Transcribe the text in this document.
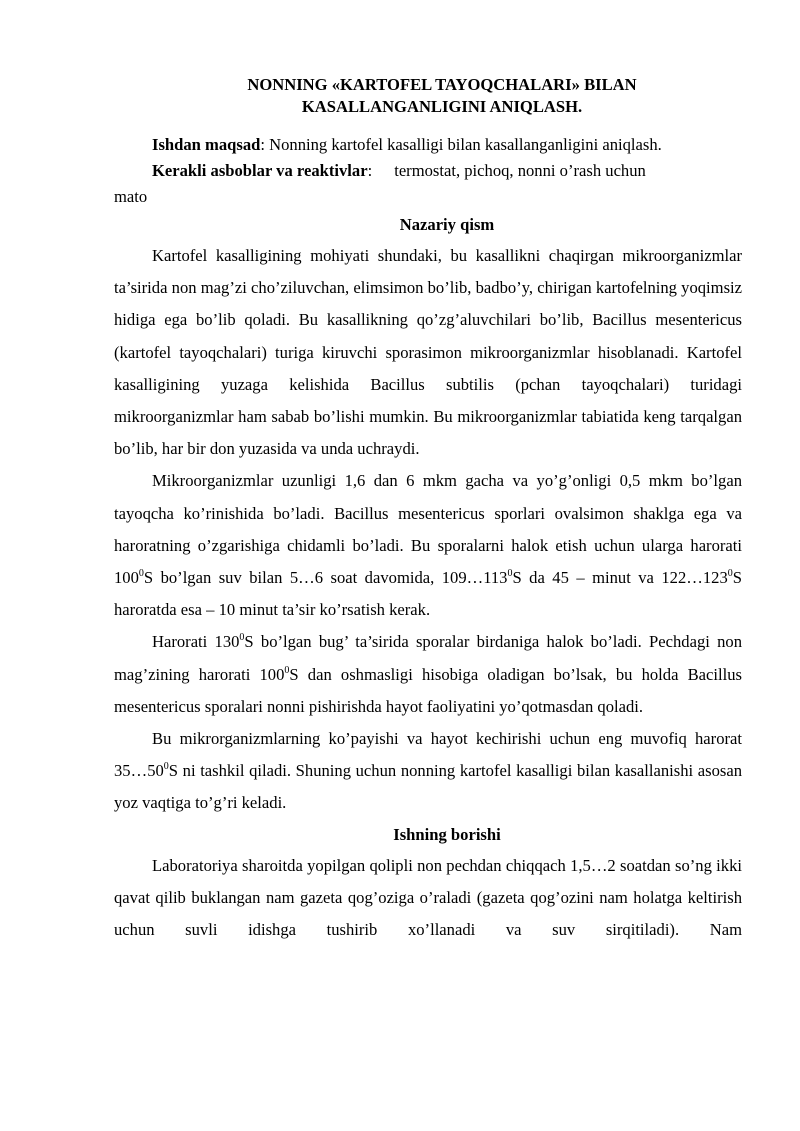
NONNING «KARTOFEL TAYOQCHALARI» BILAN
KASALLANGANLIGINI ANIQLASH.
Ishdan maqsad: Nonning kartofel kasalligi bilan kasallanganligini aniqlash.
Kerakli asboblar va reaktivlar: termostat, pichoq, nonni o’rash uchun
mato
Nazariy qism

Kartofel kasalligining mohiyati shundaki, bu kasallikni chaqirgan mikroorganizmlar ta’sirida non mag’zi cho’ziluvchan, elimsimon bo’lib, badbo’y, chirigan kartofelning yoqimsiz hidiga ega bo’lib qoladi. Bu kasallikning qo’zg’aluvchilari bo’lib, Bacillus mesentericus (kartofel tayoqchalari) turiga kiruvchi sporasimon mikroorganizmlar hisoblanadi. Kartofel kasalligining yuzaga kelishida Bacillus subtilis (pchan tayoqchalari) turidagi mikroorganizmlar ham sabab bo’lishi mumkin. Bu mikroorganizmlar tabiatida keng tarqalgan bo’lib, har bir don yuzasida va unda uchraydi.

Mikroorganizmlar uzunligi 1,6 dan 6 mkm gacha va yo’g’onligi 0,5 mkm bo’lgan tayoqcha ko’rinishida bo’ladi. Bacillus mesentericus sporlari ovalsimon shaklga ega va haroratning o’zgarishiga chidamli bo’ladi. Bu sporalarni halok etish uchun ularga harorati $100^0S$ bo’lgan suv bilan 5…6 soat davomida, $109\dots 113^0S$ da 45 – minut va $122\dots 123^0S$ haroratda esa – 10 minut ta’sir ko’rsatish kerak.

Harorati $130^0S$ bo’lgan bug’ ta’sirida sporalar birdaniga halok bo’ladi. Pechdagi non mag’zining harorati $100^0S$ dan oshmasligi hisobiga oladigan bo’lsak, bu holda Bacillus mesentericus sporalari nonni pishirishda hayot faoliyatini yo’qotmasdan qoladi.

Bu mikrorganizmlarning ko’payishi va hayot kechirishi uchun eng muvofiq harorat $35\dots 50^0S$ ni tashkil qiladi. Shuning uchun nonning kartofel kasalligi bilan kasallanishi asosan yoz vaqtiga to’g’ri keladi.

Ishning borishi

Laboratoriya sharoitda yopilgan qolipli non pechdan chiqqach 1,5…2 soatdan so’ng ikki qavat qilib buklangan nam gazeta qog’oziga o’raladi (gazeta qog’ozini nam holatga keltirish uchun suvli idishga tushirib xo’llanadi va suv sirqitiladi). Nam
